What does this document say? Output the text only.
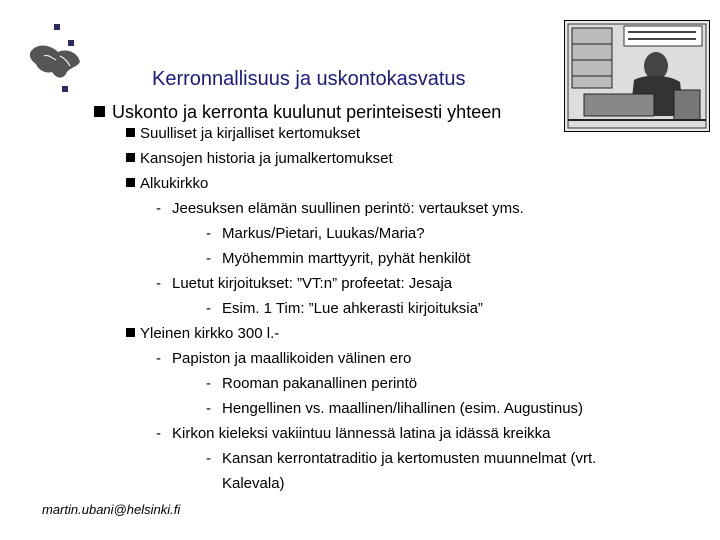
Kerronnallisuus ja uskontokasvatus
Uskonto ja kerronta kuulunut perinteisesti yhteen
Suulliset ja kirjalliset kertomukset
Kansojen historia ja jumalkertomukset
Alkukirkko
- Jeesuksen elämän suullinen perintö: vertaukset yms.
- Markus/Pietari, Luukas/Maria?
- Myöhemmin marttyyrit, pyhät henkilöt
- Luetut kirjoitukset: ”VT:n” profeetat: Jesaja
- Esim. 1 Tim: ”Lue ahkerasti kirjoituksia”
Yleinen kirkko 300 l.-
- Papiston ja maallikoiden välinen ero
- Rooman pakanallinen perintö
- Hengellinen vs. maallinen/lihallinen (esim. Augustinus)
- Kirkon kieleksi vakiintuu lännessä latina ja idässä kreikka
- Kansan kerrontatraditio ja kertomusten muunnelmat (vrt.
Kalevala)
martin.ubani@helsinki.fi
